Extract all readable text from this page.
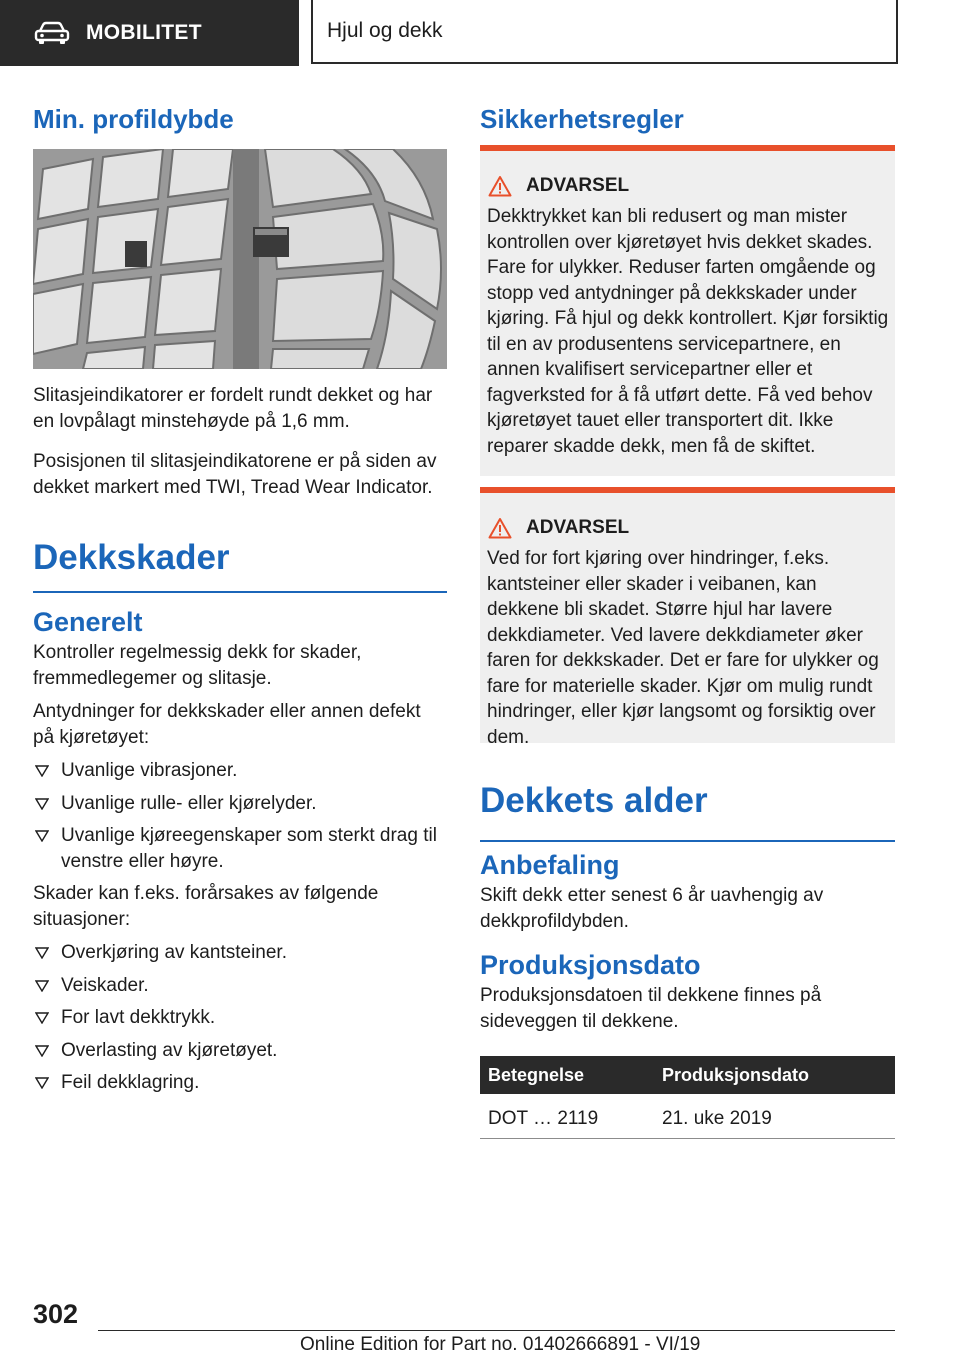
MOBILITET	Hjul og dekk
Min. profildybde

Slitasjeindikatorer er fordelt rundt dekket og har en lovpålagt minstehøyde på 1,6 mm.

Posisjonen til slitasjeindikatorene er på siden av dekket markert med TWI, Tread Wear Indicator.

Dekkskader
Generelt

Kontroller regelmessig dekk for skader, fremmedlegemer og slitasje.

Antydninger for dekkskader eller annen defekt på kjøretøyet:

Uvanlige vibrasjoner.
Uvanlige rulle- eller kjørelyder.
Uvanlige kjøreegenskaper som sterkt drag til venstre eller høyre.

Skader kan f.eks. forårsakes av følgende situasjoner:

Overkjøring av kantsteiner.
Veiskader.
For lavt dekktrykk.
Overlasting av kjøretøyet.
Feil dekklagring.
Sikkerhetsregler
ADVARSEL

Dekktrykket kan bli redusert og man mister kontrollen over kjøretøyet hvis dekket skades. Fare for ulykker. Reduser farten omgående og stopp ved antydninger på dekkskader under kjøring. Få hjul og dekk kontrollert. Kjør forsiktig til en av produsentens servicepartnere, en annen kvalifisert servicepartner eller et fagverksted for å få utført dette. Få ved behov kjøretøyet tauet eller transportert dit. Ikke reparer skadde dekk, men få de skiftet.

ADVARSEL

Ved for fort kjøring over hindringer, f.eks. kantsteiner eller skader i veibanen, kan dekkene bli skadet. Større hjul har lavere dekkdiameter. Ved lavere dekkdiameter øker faren for dekkskader. Det er fare for ulykker og fare for materielle skader. Kjør om mulig rundt hindringer, eller kjør langsomt og forsiktig over dem.

Dekkets alder
Anbefaling

Skift dekk etter senest 6 år uavhengig av dekkprofildybden.

Produksjonsdato

Produksjonsdatoen til dekkene finnes på sideveggen til dekkene.

Betegnelse	Produksjonsdato
DOT … 2119	21. uke 2019
302
Online Edition for Part no. 01402666891 - VI/19
